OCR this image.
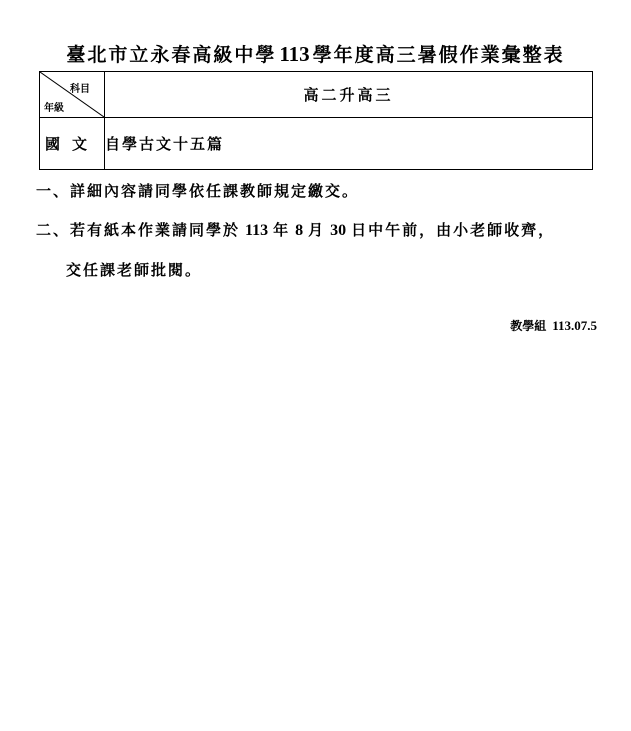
臺北市立永春高級中學 113 學年度高三暑假作業彙整表
科目
年級	高二升高三
國文	自學古文十五篇
一、詳細內容請同學依任課教師規定繳交。
二、若有紙本作業請同學於 113 年 8 月 30 日中午前，由小老師收齊，
交任課老師批閱。
教學組 113.07.5
